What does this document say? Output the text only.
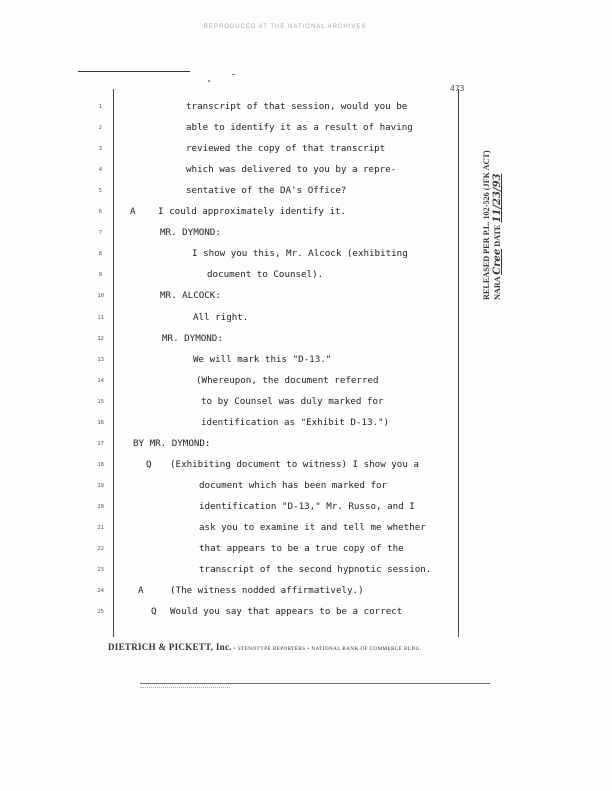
REPRODUCED AT THE NATIONAL ARCHIVES
473
1	transcript of that session, would you be
2	able to identify it as a result of having
3	reviewed the copy of that transcript
4	which was delivered to you by a repre-
5	sentative of the DA's Office?
6	A I could approximately identify it.
7	MR. DYMOND:
8	I show you this, Mr. Alcock (exhibiting
9	document to Counsel).
10	MR. ALCOCK:
11	All right.
12	MR. DYMOND:
13	We will mark this "D-13."
14	(Whereupon, the document referred
15	to by Counsel was duly marked for
16	identification as "Exhibit D-13.")
17	BY MR. DYMOND:
18	Q (Exhibiting document to witness) I show you a
19	document which has been marked for
20	identification "D-13," Mr. Russo, and I
21	ask you to examine it and tell me whether
22	that appears to be a true copy of the
23	transcript of the second hypnotic session.
24	A	(The witness nodded affirmatively.)
25	Q Would you say that appears to be a correct
RELEASED PER P.L. 102-526 (JFK ACT) NARA Cree DATE 11/23/93
DIETRICH & PICKETT, Inc. • STENOTYPE REPORTERS • NATIONAL BANK OF COMMERCE BLDG.
